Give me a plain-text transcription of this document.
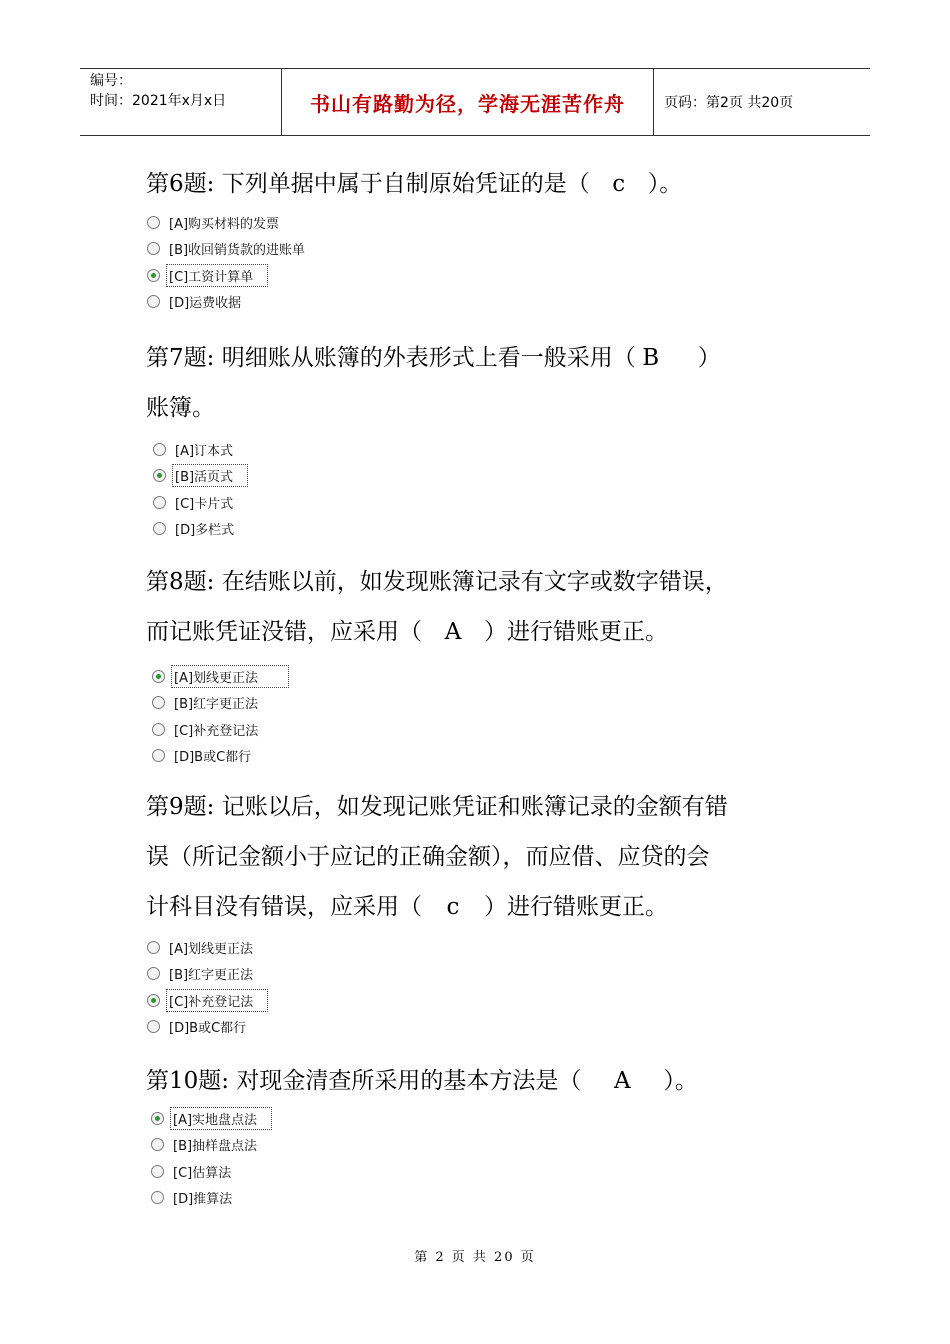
编号：
时间：2021年x月x日	书山有路勤为径，学海无涯苦作舟	页码：第2页 共20页
第6题: 下列单据中属于自制原始凭证的是（ c ）。
[A]购买材料的发票
[B]收回销货款的进账单
[C]工资计算单
[D]运费收据
第7题: 明细账从账簿的外表形式上看一般采用（ B ）
账簿。
[A]订本式
[B]活页式
[C]卡片式
[D]多栏式
第8题: 在结账以前，如发现账簿记录有文字或数字错误，
而记账凭证没错，应采用（ A ）进行错账更正。
[A]划线更正法
[B]红字更正法
[C]补充登记法
[D]B或C都行
第9题: 记账以后，如发现记账凭证和账簿记录的金额有错
误（所记金额小于应记的正确金额），而应借、应贷的会
计科目没有错误，应采用（ c ）进行错账更正。
[A]划线更正法
[B]红字更正法
[C]补充登记法
[D]B或C都行
第10题: 对现金清查所采用的基本方法是（ A ）。
[A]实地盘点法
[B]抽样盘点法
[C]估算法
[D]推算法
第 2 页 共 20 页
